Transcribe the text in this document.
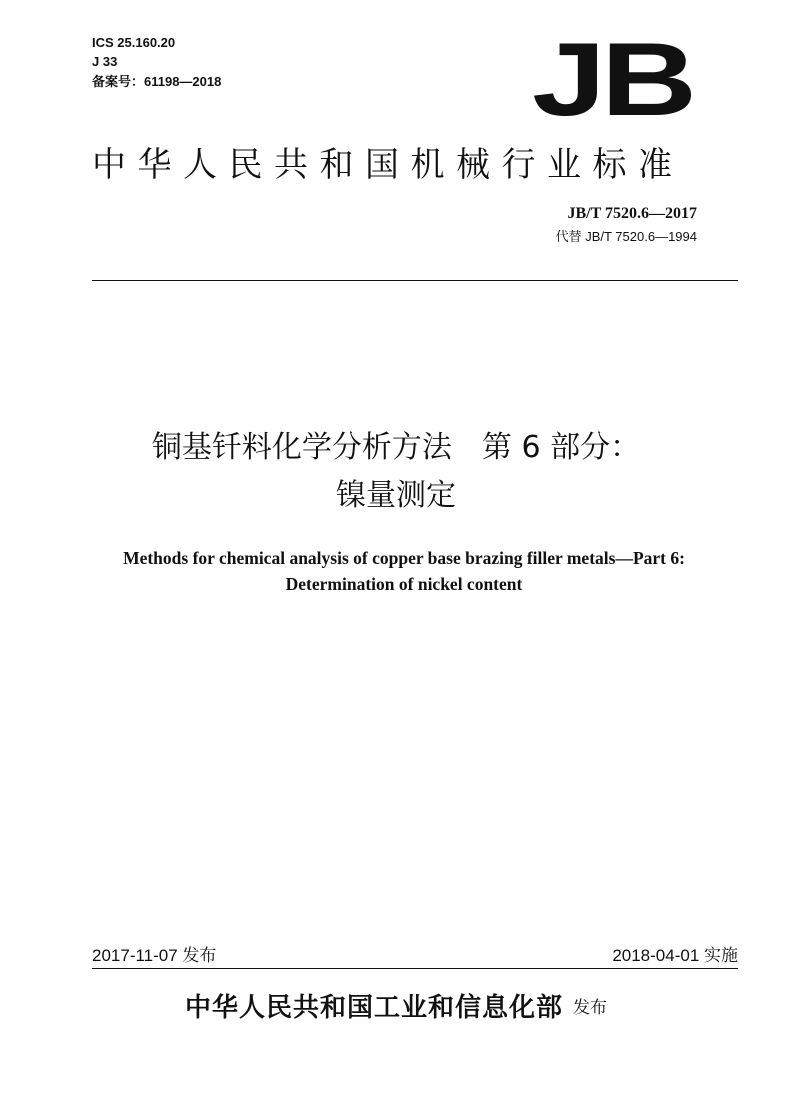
ICS 25.160.20
J 33
备案号：61198—2018	JB
中华人民共和国机械行业标准
JB/T 7520.6—2017
代替 JB/T 7520.6—1994
铜基钎料化学分析方法　第 6 部分：
镍量测定
Methods for chemical analysis of copper base brazing filler metals—Part 6:
Determination of nickel content
2017-11-07 发布	2018-04-01 实施
中华人民共和国工业和信息化部 发布
